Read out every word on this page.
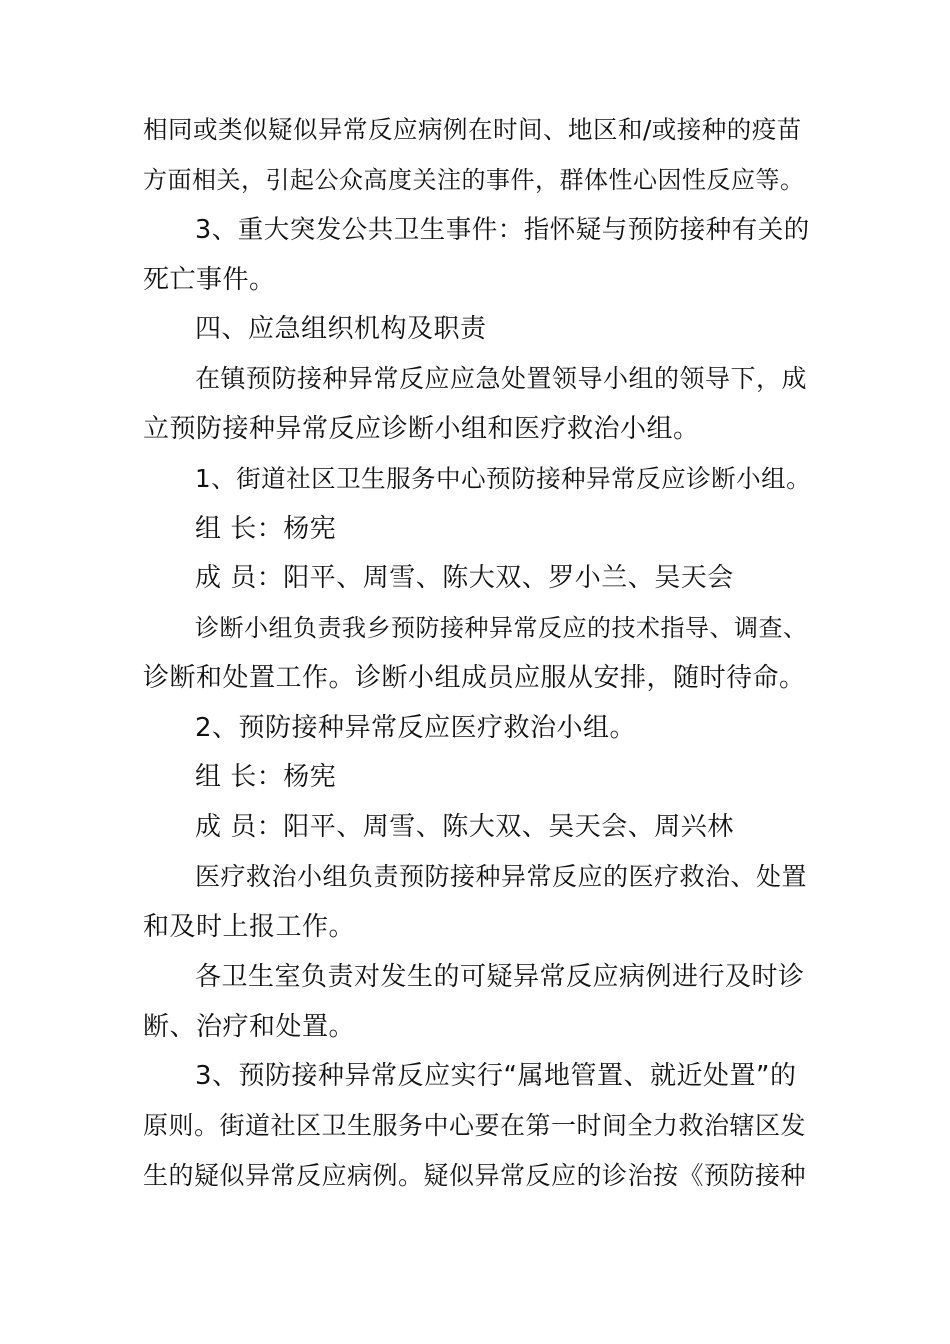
相同或类似疑似异常反应病例在时间、地区和/或接种的疫苗
方面相关，引起公众高度关注的事件，群体性心因性反应等。
3、重大突发公共卫生事件：指怀疑与预防接种有关的
死亡事件。
四、应急组织机构及职责
在镇预防接种异常反应应急处置领导小组的领导下，成
立预防接种异常反应诊断小组和医疗救治小组。
1、街道社区卫生服务中心预防接种异常反应诊断小组。
组 长：杨宪
成 员：阳平、周雪、陈大双、罗小兰、吴天会
诊断小组负责我乡预防接种异常反应的技术指导、调查、
诊断和处置工作。诊断小组成员应服从安排，随时待命。
2、预防接种异常反应医疗救治小组。
组 长：杨宪
成 员：阳平、周雪、陈大双、吴天会、周兴林
医疗救治小组负责预防接种异常反应的医疗救治、处置
和及时上报工作。
各卫生室负责对发生的可疑异常反应病例进行及时诊
断、治疗和处置。
3、预防接种异常反应实行“属地管置、就近处置”的
原则。街道社区卫生服务中心要在第一时间全力救治辖区发
生的疑似异常反应病例。疑似异常反应的诊治按《预防接种
